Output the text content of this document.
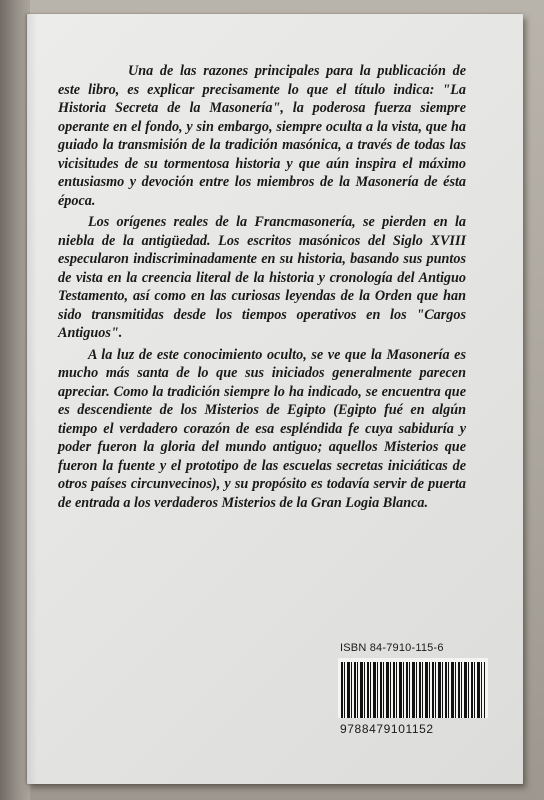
Una de las razones principales para la publicación de este libro, es explicar precisamente lo que el título indica: "La Historia Secreta de la Masonería", la poderosa fuerza siempre operante en el fondo, y sin embargo, siempre oculta a la vista, que ha guiado la transmisión de la tradición masónica, a través de todas las vicisitudes de su tormentosa historia y que aún inspira el máximo entusiasmo y devoción entre los miembros de la Masonería de ésta época.

Los orígenes reales de la Francmasonería, se pierden en la niebla de la antigüedad. Los escritos masónicos del Siglo XVIII especularon indiscriminadamente en su historia, basando sus puntos de vista en la creencia literal de la historia y cronología del Antiguo Testamento, así como en las curiosas leyendas de la Orden que han sido transmitidas desde los tiempos operativos en los "Cargos Antiguos".

A la luz de este conocimiento oculto, se ve que la Masonería es mucho más santa de lo que sus iniciados generalmente parecen apreciar. Como la tradición siempre lo ha indicado, se encuentra que es descendiente de los Misterios de Egipto (Egipto fué en algún tiempo el verdadero corazón de esa espléndida fe cuya sabiduría y poder fueron la gloria del mundo antiguo; aquellos Misterios que fueron la fuente y el prototipo de las escuelas secretas iniciáticas de otros países circunvecinos), y su propósito es todavía servir de puerta de entrada a los verdaderos Misterios de la Gran Logia Blanca.

ISBN 84-7910-115-6
9788479101152
